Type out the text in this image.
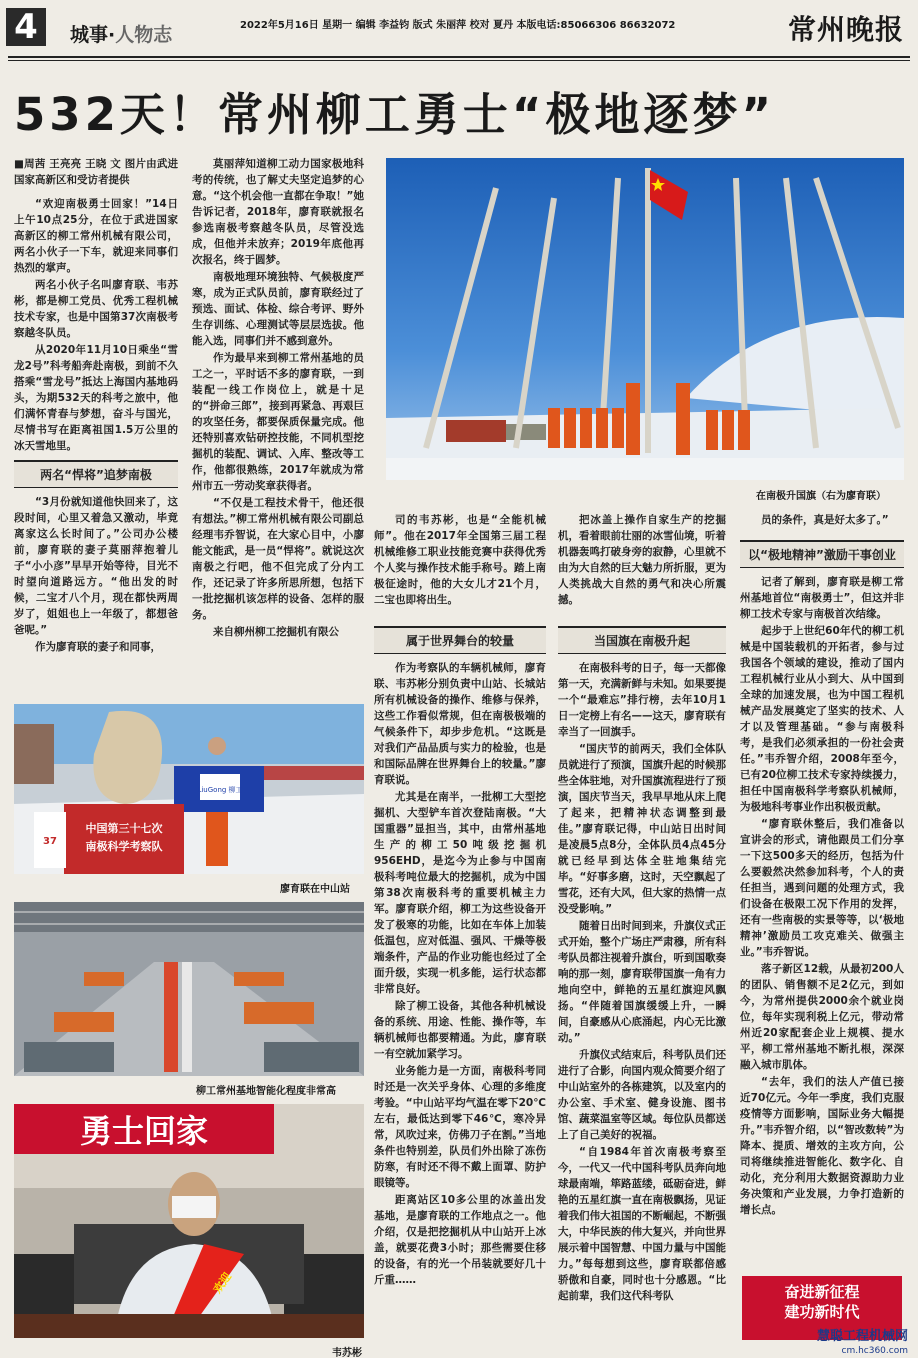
4	城事·人物志	2022年5月16日 星期一 编辑 李益钧 版式 朱丽萍 校对 夏丹 本版电话:85066306 86632072	常州晚报
532天！常州柳工勇士“极地逐梦”
■周茜 王亮亮 王晓 文 图片由武进国家高新区和受访者提供

“欢迎南极勇士回家！”14日上午10点25分，在位于武进国家高新区的柳工常州机械有限公司，两名小伙子一下车，就迎来同事们热烈的掌声。

两名小伙子名叫廖育联、韦苏彬，都是柳工党员、优秀工程机械技术专家，也是中国第37次南极考察越冬队员。

从2020年11月10日乘坐“雪龙2号”科考船奔赴南极，到前不久搭乘“雪龙号”抵达上海国内基地码头，为期532天的科考之旅中，他们满怀青春与梦想，奋斗与国光，尽情书写在距离祖国1.5万公里的冰天雪地里。

两名“悍将”追梦南极

“3月份就知道他快回来了，这段时间，心里又着急又激动，毕竟离家这么长时间了。”公司办公楼前，廖育联的妻子莫丽萍抱着儿子“小小彦”早早开始等待，目光不时望向道路远方。“他出发的时候，二宝才八个月，现在都快两周岁了，姐姐也上一年级了，都想爸爸呢。”

作为廖育联的妻子和同事，

莫丽萍知道柳工动力国家极地科考的传统，也了解丈夫坚定追梦的心意。“这个机会他一直都在争取！”她告诉记者，2018年，廖育联就报名参选南极考察越冬队员，尽管没选成，但他并未放弃；2019年底他再次报名，终于圆梦。

南极地理环境独特、气候极度严寒，成为正式队员前，廖育联经过了预选、面试、体检、综合考评、野外生存训练、心理测试等层层选拔。他能入选，同事们并不感到意外。

作为最早来到柳工常州基地的员工之一，平时话不多的廖育联，一到装配一线工作岗位上，就是十足的“拼命三郎”，接到再紧急、再艰巨的攻坚任务，都要保质保量完成。他还特别喜欢钻研控技能，不同机型挖掘机的装配、调试、入库、整改等工作，他都很熟练，2017年就成为常州市五一劳动奖章获得者。

“不仅是工程技术骨干，他还很有想法。”柳工常州机械有限公司副总经理韦乔智说，在大家心目中，小廖能文能武，是一员“悍将”。就说这次南极之行吧，他不但完成了分内工作，还记录了许多所思所想，包括下一批挖掘机该怎样的设备、怎样的服务。

来自柳州柳工挖掘机有限公

在南极升国旗（右为廖育联）

司的韦苏彬，也是“全能机械师”。他在2017年全国第三届工程机械维修工职业技能竞赛中获得优秀个人奖与操作技术能手称号。踏上南极征途时，他的大女儿才21个月，二宝也即将出生。

属于世界舞台的较量

作为考察队的车辆机械师，廖育联、韦苏彬分别负责中山站、长城站所有机械设备的操作、维修与保养，这些工作看似常规，但在南极极端的气候条件下，却步步危机。“这既是对我们产品品质与实力的检验，也是和国际品牌在世界舞台上的较量。”廖育联说。

尤其是在南半，一批柳工大型挖掘机、大型铲车首次登陆南极。“大国重器”显担当，其中，由常州基地生产的柳工50吨级挖掘机956EHD，是迄今为止参与中国南极科考吨位最大的挖掘机，成为中国第38次南极科考的重要机械主力军。廖育联介绍，柳工为这些设备开发了极寒的功能，比如在车体上加装低温包，应对低温、强风、干燥等极端条件，产品的作业功能也经过了全面升级，实现一机多能，运行状态都非常良好。

除了柳工设备，其他各种机械设备的系统、用途、性能、操作等，车辆机械师也都要精通。为此，廖育联一有空就加紧学习。

业务能力是一方面，南极科考同时还是一次关乎身体、心理的多维度考验。“中山站平均气温在零下20℃左右，最低达到零下46℃，寒冷异常，风吹过来，仿佛刀子在割。”当地条件也特别差，队员们外出除了冻伤防寒，有时还不得不戴上面罩、防护眼镜等。

距离站区10多公里的冰盖出发基地，是廖育联的工作地点之一。他介绍，仅是把挖掘机从中山站开上冰盖，就要花费3小时；那些需要住移的设备，有的光一个吊装就要好几十斤重……

把冰盖上操作自家生产的挖掘机，看着眼前壮丽的冰雪仙境，听着机器轰鸣打破身旁的寂静，心里就不由为大自然的巨大魅力所折服，更为人类挑战大自然的勇气和决心所震撼。

当国旗在南极升起

在南极科考的日子，每一天都像第一天，充满新鲜与未知。如果要提一个“最难忘”排行榜，去年10月1日一定榜上有名——这天，廖育联有幸当了一回旗手。

“国庆节的前两天，我们全体队员就进行了预演，国旗升起的时候那些全体驻地，对升国旗流程进行了预演，国庆节当天，我早早地从床上爬了起来，把精神状态调整到最佳。”廖育联记得，中山站日出时间是凌晨5点8分，全体队员4点45分就已经早到达体全驻地集结完毕。“好事多磨，这时，天空飘起了雪花，还有大风，但大家的热情一点没受影响。”

随着日出时间到来，升旗仪式正式开始，整个广场庄严肃穆，所有科考队员都注视着升旗台，听到国歌奏响的那一刻，廖育联带国旗一角有力地向空中，鲜艳的五星红旗迎风飘扬。“伴随着国旗缓缓上升，一瞬间，自豪感从心底涌起，内心无比激动。”

升旗仪式结束后，科考队员们还进行了合影，向国内观众简要介绍了中山站室外的各栋建筑，以及室内的办公室、手术室、健身设施、图书馆、蔬菜温室等区域。每位队员都送上了自己美好的祝福。

“自1984年首次南极考察至今，一代又一代中国科考队员奔向地球最南端，筚路蓝缕，砥砺奋进，鲜艳的五星红旗一直在南极飘扬，见证着我们伟大祖国的不断崛起，不断强大，中华民族的伟大复兴，并向世界展示着中国智慧、中国力量与中国能力。”每每想到这些，廖育联都倍感骄傲和自豪，同时也十分感恩。“比起前辈，我们这代科考队

员的条件，真是好太多了。”

以“极地精神”激励干事创业

记者了解到，廖育联是柳工常州基地首位“南极勇士”，但这并非柳工技术专家与南极首次结缘。

起步于上世纪60年代的柳工机械是中国装载机的开拓者，参与过我国各个领域的建设，推动了国内工程机械行业从小到大、从中国到全球的加速发展，也为中国工程机械产品发展奠定了坚实的技术、人才以及管理基础。“参与南极科考，是我们必须承担的一份社会责任。”韦乔智介绍，2008年至今，已有20位柳工技术专家持续援力，担任中国南极科学考察队机械师，为极地科考事业作出积极贡献。

“廖育联休整后，我们准备以宣讲会的形式，请他跟员工们分享一下这500多天的经历，包括为什么要毅然决然参加科考，个人的责任担当，遇到问题的处理方式，我们设备在极限工况下作用的发挥，还有一些南极的实景等等，以‘极地精神’激励员工攻克难关、做强主业。”韦乔智说。

落子新区12载，从最初200人的团队、销售额不足2亿元，到如今，为常州提供2000余个就业岗位，每年实现利税上亿元，带动常州近20家配套企业上规模、提水平，柳工常州基地不断扎根，深深融入城市肌体。

“去年，我们的法人产值已接近70亿元。今年一季度，我们克服疫情等方面影响，国际业务大幅提升。”韦乔智介绍，以“智改数转”为降本、提质、增效的主攻方向，公司将继续推进智能化、数字化、自动化，充分利用大数据资源助力业务决策和产业发展，力争打造新的增长点。

LiuGong 柳工
中国第三十七次
南极科学考察队
37
廖育联在中山站
柳工常州基地智能化程度非常高
勇士回家
欢迎
韦苏彬
奋进新征程
建功新时代
慧聪工程机械网
cm.hc360.com
